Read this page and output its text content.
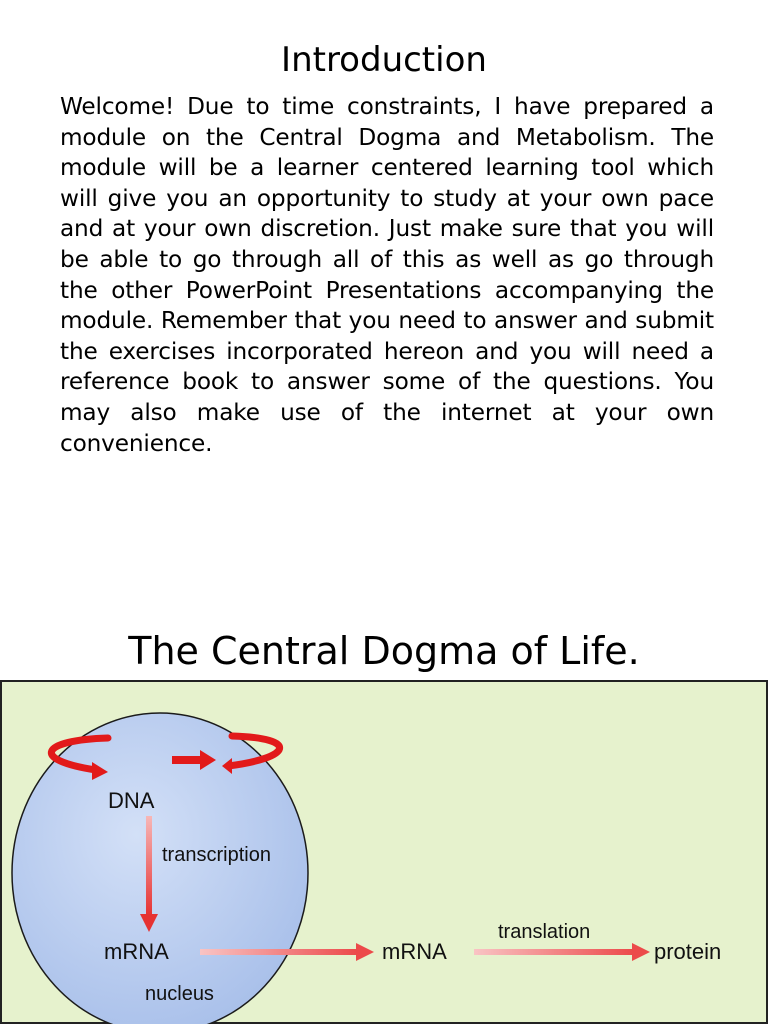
Introduction

Welcome! Due to time constraints, I have prepared a module on the Central Dogma and Metabolism. The module will be a learner centered learning tool which will give you an opportunity to study at your own pace and at your own discretion. Just make sure that you will be able to go through all of this as well as go through the other PowerPoint Presentations accompanying the module. Remember that you need to answer and submit the exercises incorporated hereon and you will need a reference book to answer some of the questions. You may also make use of the internet at your own convenience.

The Central Dogma of Life.
DNA
transcription
mRNA
nucleus
mRNA
translation
protein
